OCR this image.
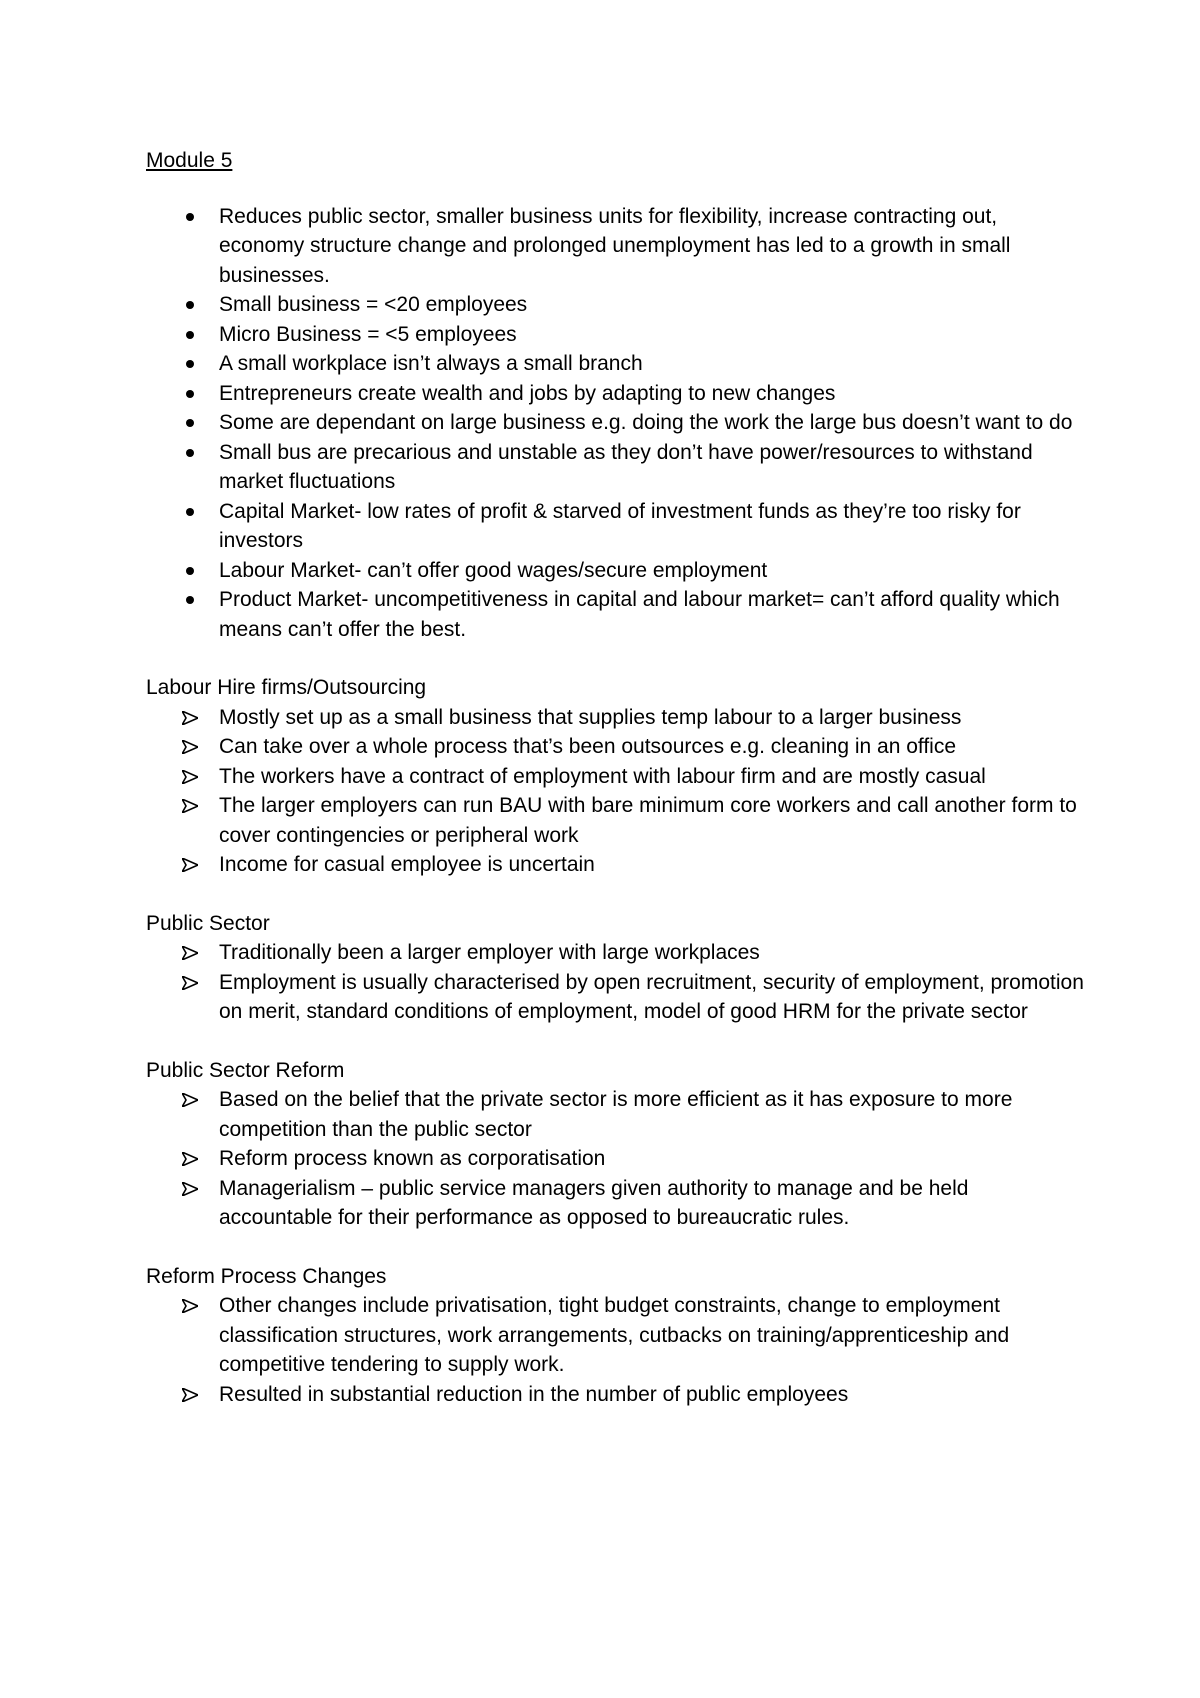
Module 5
Reduces public sector, smaller business units for flexibility, increase contracting out, economy structure change and prolonged unemployment has led to a growth in small businesses.
Small business = <20 employees
Micro Business = <5 employees
A small workplace isn’t always a small branch
Entrepreneurs create wealth and jobs by adapting to new changes
Some are dependant on large business e.g. doing the work the large bus doesn’t want to do
Small bus are precarious and unstable as they don’t have power/resources to withstand market fluctuations
Capital Market- low rates of profit & starved of investment funds as they’re too risky for investors
Labour Market- can’t offer good wages/secure employment
Product Market- uncompetitiveness in capital and labour market= can’t afford quality which means can’t offer the best.
Labour Hire firms/Outsourcing
Mostly set up as a small business that supplies temp labour to a larger business
Can take over a whole process that’s been outsources e.g. cleaning in an office
The workers have a contract of employment with labour firm and are mostly casual
The larger employers can run BAU with bare minimum core workers and call another form to cover contingencies or peripheral work
Income for casual employee is uncertain
Public Sector
Traditionally been a larger employer with large workplaces
Employment is usually characterised by open recruitment, security of employment, promotion on merit, standard conditions of employment, model of good HRM for the private sector
Public Sector Reform
Based on the belief that the private sector is more efficient as it has exposure to more competition than the public sector
Reform process known as corporatisation
Managerialism – public service managers given authority to manage and be held accountable for their performance as opposed to bureaucratic rules.
Reform Process Changes
Other changes include privatisation, tight budget constraints, change to employment classification structures, work arrangements, cutbacks on training/apprenticeship and competitive tendering to supply work.
Resulted in substantial reduction in the number of public employees
